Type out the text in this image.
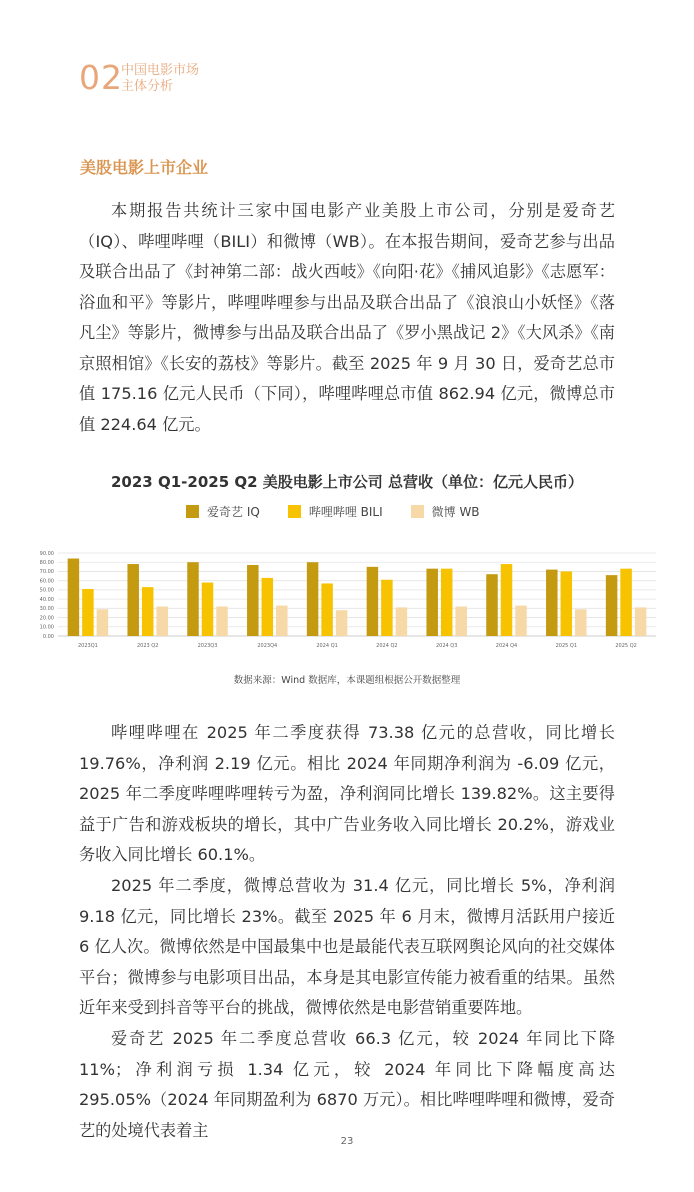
02
中国电影市场
主体分析
美股电影上市企业

本期报告共统计三家中国电影产业美股上市公司，分别是爱奇艺（IQ）、哔哩哔哩（BILI）和微博（WB）。在本报告期间，爱奇艺参与出品及联合出品了《封神第二部：战火西岐》《向阳·花》《捕风追影》《志愿军：浴血和平》等影片，哔哩哔哩参与出品及联合出品了《浪浪山小妖怪》《落凡尘》等影片，微博参与出品及联合出品了《罗小黑战记 2》《大风杀》《南京照相馆》《长安的荔枝》等影片。截至 2025 年 9 月 30 日，爱奇艺总市值 175.16 亿元人民币（下同），哔哩哔哩总市值 862.94 亿元，微博总市值 224.64 亿元。

2023 Q1-2025 Q2 美股电影上市公司 总营收（单位：亿元人民币）
爱奇艺 IQ	哔哩哔哩 BILI	微博 WB
0.00
10.00
20.00
30.00
40.00
50.00
60.00
70.00
80.00
90.00
2023Q1	2023 Q2	2023Q3	2023Q4	2024 Q1	2024 Q2	2024 Q3	2024 Q4	2025 Q1	2025 Q2
数据来源：Wind 数据库，本课题组根据公开数据整理

哔哩哔哩在 2025 年二季度获得 73.38 亿元的总营收，同比增长 19.76%，净利润 2.19 亿元。相比 2024 年同期净利润为 -6.09 亿元，2025 年二季度哔哩哔哩转亏为盈，净利润同比增长 139.82%。这主要得益于广告和游戏板块的增长，其中广告业务收入同比增长 20.2%，游戏业务收入同比增长 60.1%。

2025 年二季度，微博总营收为 31.4 亿元，同比增长 5%，净利润 9.18 亿元，同比增长 23%。截至 2025 年 6 月末，微博月活跃用户接近 6 亿人次。微博依然是中国最集中也是最能代表互联网舆论风向的社交媒体平台；微博参与电影项目出品，本身是其电影宣传能力被看重的结果。虽然近年来受到抖音等平台的挑战，微博依然是电影营销重要阵地。

爱奇艺 2025 年二季度总营收 66.3 亿元，较 2024 年同比下降 11%；净利润亏损 1.34 亿元，较 2024 年同比下降幅度高达 295.05%（2024 年同期盈利为 6870 万元）。相比哔哩哔哩和微博，爱奇艺的处境代表着主

23
